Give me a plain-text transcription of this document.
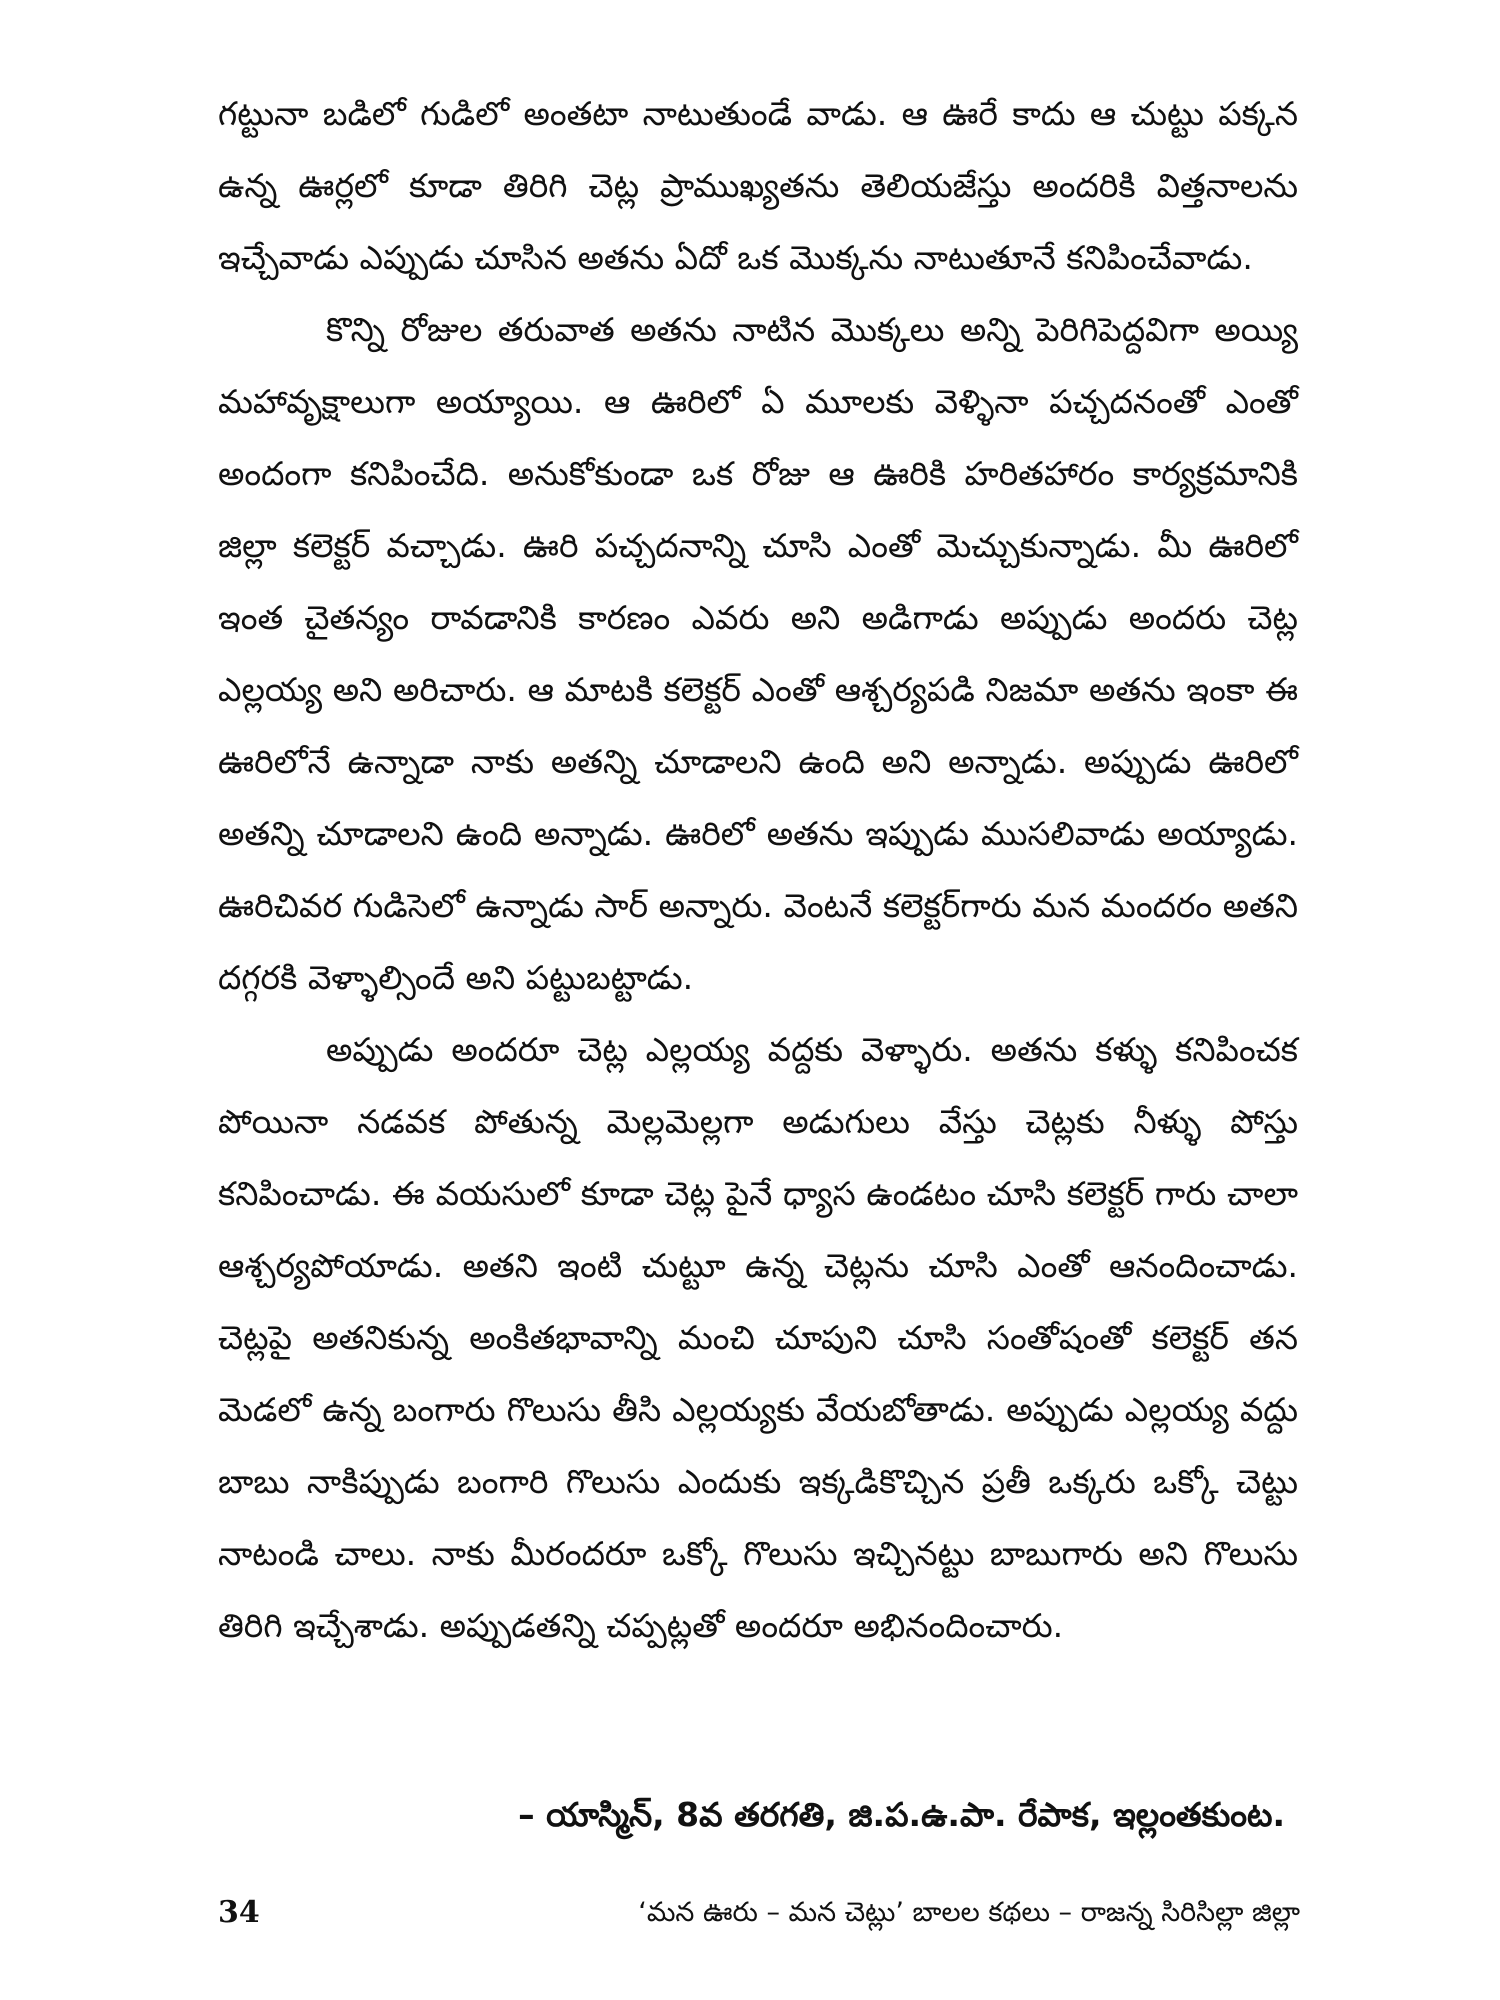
గట్టునా బడిలో గుడిలో అంతటా నాటుతుండే వాడు. ఆ ఊరే కాదు ఆ చుట్టు పక్కన ఉన్న ఊర్లలో కూడా తిరిగి చెట్ల ప్రాముఖ్యతను తెలియజేస్తు అందరికి విత్తనాలను ఇచ్చేవాడు ఎప్పుడు చూసిన అతను ఏదో ఒక మొక్కను నాటుతూనే కనిపించేవాడు.

కొన్ని రోజుల తరువాత అతను నాటిన మొక్కలు అన్ని పెరిగిపెద్దవిగా అయ్యి మహావృక్షాలుగా అయ్యాయి. ఆ ఊరిలో ఏ మూలకు వెళ్ళినా పచ్చదనంతో ఎంతో అందంగా కనిపించేది. అనుకోకుండా ఒక రోజు ఆ ఊరికి హరితహారం కార్యక్రమానికి జిల్లా కలెక్టర్ వచ్చాడు. ఊరి పచ్చదనాన్ని చూసి ఎంతో మెచ్చుకున్నాడు. మీ ఊరిలో ఇంత చైతన్యం రావడానికి కారణం ఎవరు అని అడిగాడు అప్పుడు అందరు చెట్ల ఎల్లయ్య అని అరిచారు. ఆ మాటకి కలెక్టర్ ఎంతో ఆశ్చర్యపడి నిజమా అతను ఇంకా ఈ ఊరిలోనే ఉన్నాడా నాకు అతన్ని చూడాలని ఉంది అని అన్నాడు. అప్పుడు ఊరిలో అతన్ని చూడాలని ఉంది అన్నాడు. ఊరిలో అతను ఇప్పుడు ముసలివాడు అయ్యాడు. ఊరిచివర గుడిసెలో ఉన్నాడు సార్ అన్నారు. వెంటనే కలెక్టర్‌గారు మన మందరం అతని దగ్గరకి వెళ్ళాల్సిందే అని పట్టుబట్టాడు.

అప్పుడు అందరూ చెట్ల ఎల్లయ్య వద్దకు వెళ్ళారు. అతను కళ్ళు కనిపించక పోయినా నడవక పోతున్న మెల్లమెల్లగా అడుగులు వేస్తు చెట్లకు నీళ్ళు పోస్తు కనిపించాడు. ఈ వయసులో కూడా చెట్ల పైనే ధ్యాస ఉండటం చూసి కలెక్టర్ గారు చాలా ఆశ్చర్యపోయాడు. అతని ఇంటి చుట్టూ ఉన్న చెట్లను చూసి ఎంతో ఆనందించాడు. చెట్లపై అతనికున్న అంకితభావాన్ని మంచి చూపుని చూసి సంతోషంతో కలెక్టర్ తన మెడలో ఉన్న బంగారు గొలుసు తీసి ఎల్లయ్యకు వేయబోతాడు. అప్పుడు ఎల్లయ్య వద్దు బాబు నాకిప్పుడు బంగారి గొలుసు ఎందుకు ఇక్కడికొచ్చిన ప్రతీ ఒక్కరు ఒక్కో చెట్టు నాటండి చాలు. నాకు మీరందరూ ఒక్కో గొలుసు ఇచ్చినట్టు బాబుగారు అని గొలుసు తిరిగి ఇచ్చేశాడు. అప్పుడతన్ని చప్పట్లతో అందరూ అభినందించారు.

– యాస్మిన్, 8వ తరగతి, జి.ప.ఉ.పా. రేపాక, ఇల్లంతకుంట.
34	‘మన ఊరు – మన చెట్లు’ బాలల కథలు – రాజన్న సిరిసిల్లా జిల్లా
